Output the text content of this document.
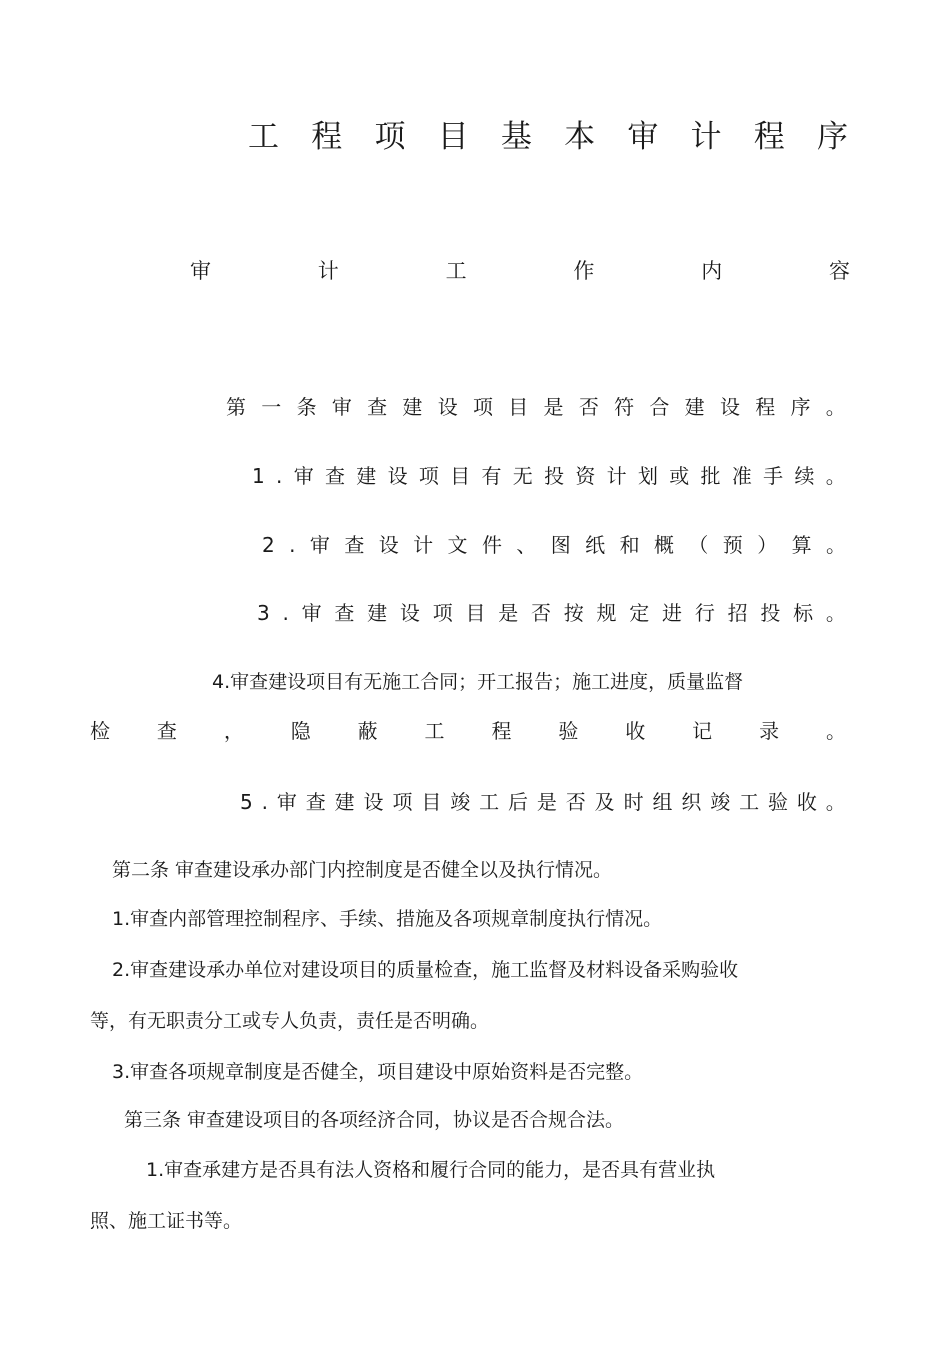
工 程 项 目 基 本 审 计 程 序
审	计	工	作	内	容
第 一 条 审 查 建 设 项 目 是 否 符 合 建 设 程 序 。
1 . 审 查 建 设 项 目 有 无 投 资 计 划 或 批 准 手 续 。
2 . 审 查 设 计 文 件 、 图 纸 和 概 （ 预 ） 算 。
3 . 审 查 建 设 项 目 是 否 按 规 定 进 行 招 投 标 。
4.审查建设项目有无施工合同；开工报告；施工进度，质量监督
检 查 ， 隐 蔽 工 程 验 收 记 录 。
5 . 审 查 建 设 项 目 竣 工 后 是 否 及 时 组 织 竣 工 验 收 。
第二条 审查建设承办部门内控制度是否健全以及执行情况。
1.审查内部管理控制程序、手续、措施及各项规章制度执行情况。
2.审查建设承办单位对建设项目的质量检查，施工监督及材料设备采购验收
等，有无职责分工或专人负责，责任是否明确。
3.审查各项规章制度是否健全，项目建设中原始资料是否完整。
第三条 审查建设项目的各项经济合同，协议是否合规合法。
1.审查承建方是否具有法人资格和履行合同的能力，是否具有营业执
照、施工证书等。
